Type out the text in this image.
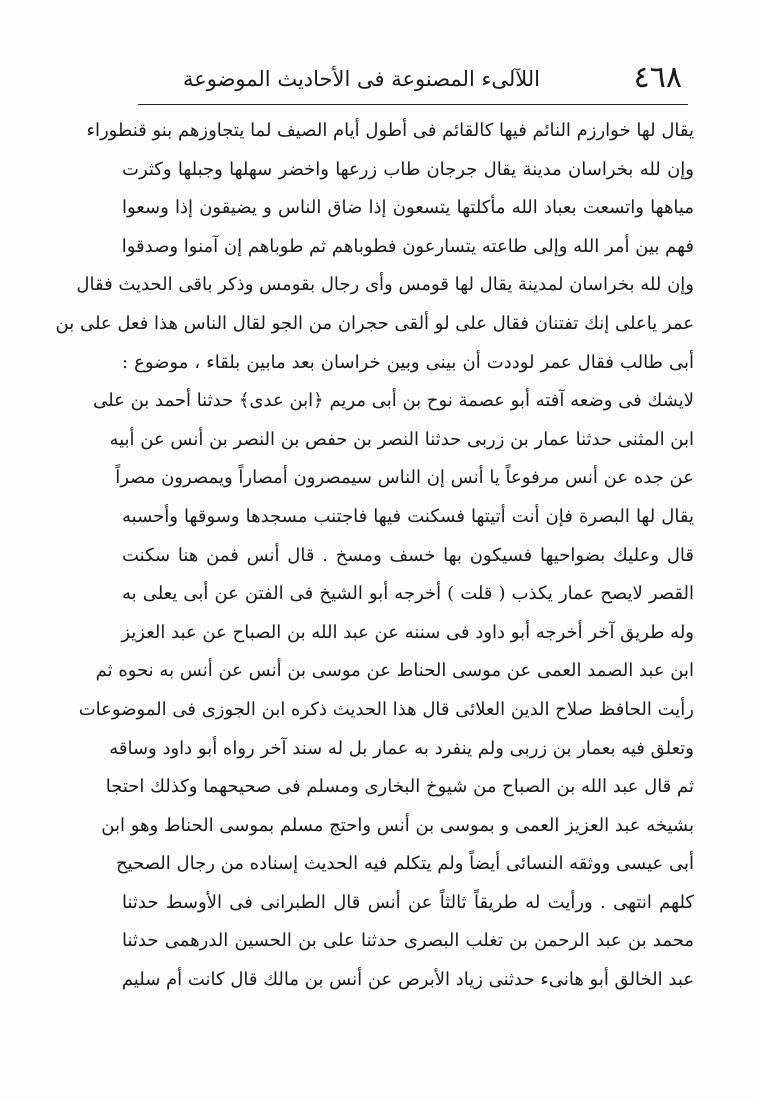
٤٦٨
اللآلىء المصنوعة فى الأحاديث الموضوعة
يقال لها خوارزم النائم فيها كالقائم فى أطول أيام الصيف لما يتجاوزهم بنو قنطوراء
وإن لله بخراسان مدينة يقال جرجان طاب زرعها واخضر سهلها وجبلها وكثرت
مياهها واتسعت بعباد الله مأكلتها يتسعون إذا ضاق الناس و يضيقون إذا وسعوا
فهم بين أمر الله وإلى طاعته يتسارعون فطوباهم ثم طوباهم إن آمنوا وصدقوا
وإن لله بخراسان لمدينة يقال لها قومس وأى رجال بقومس وذكر باقى الحديث فقال
عمر ياعلى إنك تفتنان فقال على لو ألقى حجران من الجو لقال الناس هذا فعل على بن
أبى طالب فقال عمر لوددت أن بينى وبين خراسان بعد مابين بلقاء ، موضوع :
لايشك فى وضعه آفته أبو عصمة نوح بن أبى مريم ﴿ابن عدى﴾ حدثنا أحمد بن على
ابن المثنى حدثنا عمار بن زربى حدثنا النصر بن حفص بن النصر بن أنس عن أبيه
عن جده عن أنس مرفوعاً يا أنس إن الناس سيمصرون أمصاراً ويمصرون مصراً
يقال لها البصرة فإن أنت أتيتها فسكنت فيها فاجتنب مسجدها وسوقها وأحسبه
قال وعليك بضواحيها فسيكون بها خسف ومسخ . قال أنس فمن هنا سكنت
القصر لايصح عمار يكذب ( قلت ) أخرجه أبو الشيخ فى الفتن عن أبى يعلى به
وله طريق آخر أخرجه أبو داود فى سننه عن عبد الله بن الصباح عن عبد العزيز
ابن عبد الصمد العمى عن موسى الحناط عن موسى بن أنس عن أنس به نحوه ثم
رأيت الحافظ صلاح الدين العلائى قال هذا الحديث ذكره ابن الجوزى فى الموضوعات
وتعلق فيه بعمار بن زربى ولم ينفرد به عمار بل له سند آخر رواه أبو داود وساقه
ثم قال عبد الله بن الصباح من شيوخ البخارى ومسلم فى صحيحهما وكذلك احتجا
بشيخه عبد العزيز العمى و بموسى بن أنس واحتج مسلم بموسى الحناط وهو ابن
أبى عيسى ووثقه النسائى أيضاً ولم يتكلم فيه الحديث إسناده من رجال الصحيح
كلهم انتهى . ورأيت له طريقاً ثالثاً عن أنس قال الطبرانى فى الأوسط حدثنا
محمد بن عبد الرحمن بن تغلب البصرى حدثنا على بن الحسين الدرهمى حدثنا
عبد الخالق أبو هانىء حدثنى زياد الأبرص عن أنس بن مالك قال كانت أم سليم
